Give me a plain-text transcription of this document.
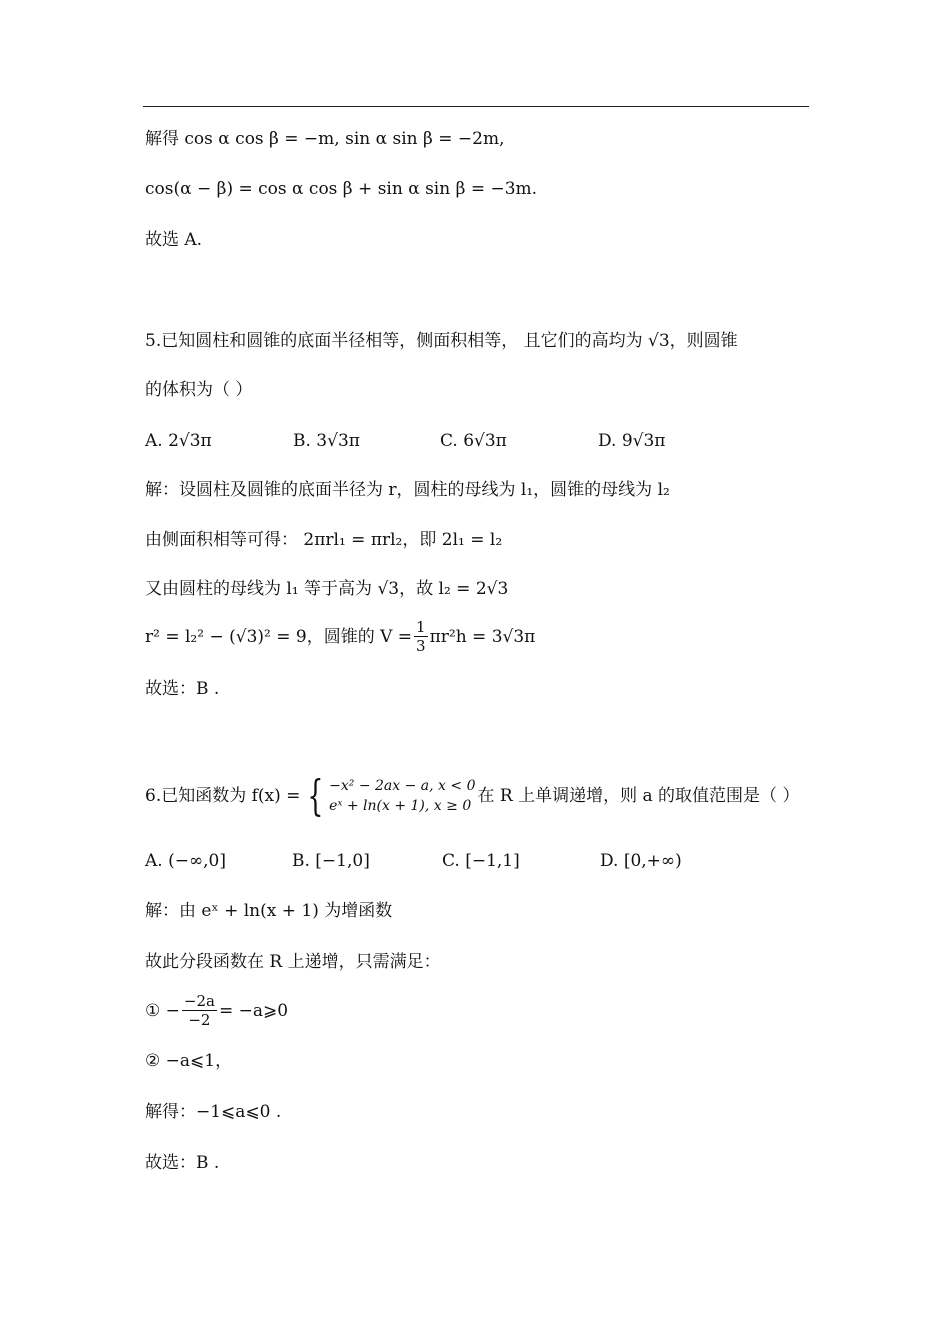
解得 cos α cos β = −m, sin α sin β = −2m,
cos(α − β) = cos α cos β + sin α sin β = −3m.
故选 A.
5.已知圆柱和圆锥的底面半径相等，侧面积相等， 且它们的高均为 √3，则圆锥
的体积为（ ）
A. 2√3π	B. 3√3π	C. 6√3π	D. 9√3π
解：设圆柱及圆锥的底面半径为 r，圆柱的母线为 l₁，圆锥的母线为 l₂
由侧面积相等可得： 2πrl₁ = πrl₂，即 2l₁ = l₂
又由圆柱的母线为 l₁ 等于高为 √3，故 l₂ = 2√3
r² = l₂² − (√3)² = 9，圆锥的 $V = \frac{1}{3} \pi r^2h = 3√3\pi$
故选：B .
6.已知函数为 f(x) = { −x² − 2ax − a, x < 0
eˣ + ln(x + 1), x ≥ 0 在 R 上单调递增，则 a 的取值范围是（ ）
A. (−∞,0]	B. [−1,0]	C. [−1,1]	D. [0,+∞)
解：由 eˣ + ln(x + 1) 为增函数
故此分段函数在 R 上递增，只需满足：
① − $\frac{-2a}{-2}$ = −a⩾0
② −a⩽1，
解得：−1⩽a⩽0 .
故选：B .
